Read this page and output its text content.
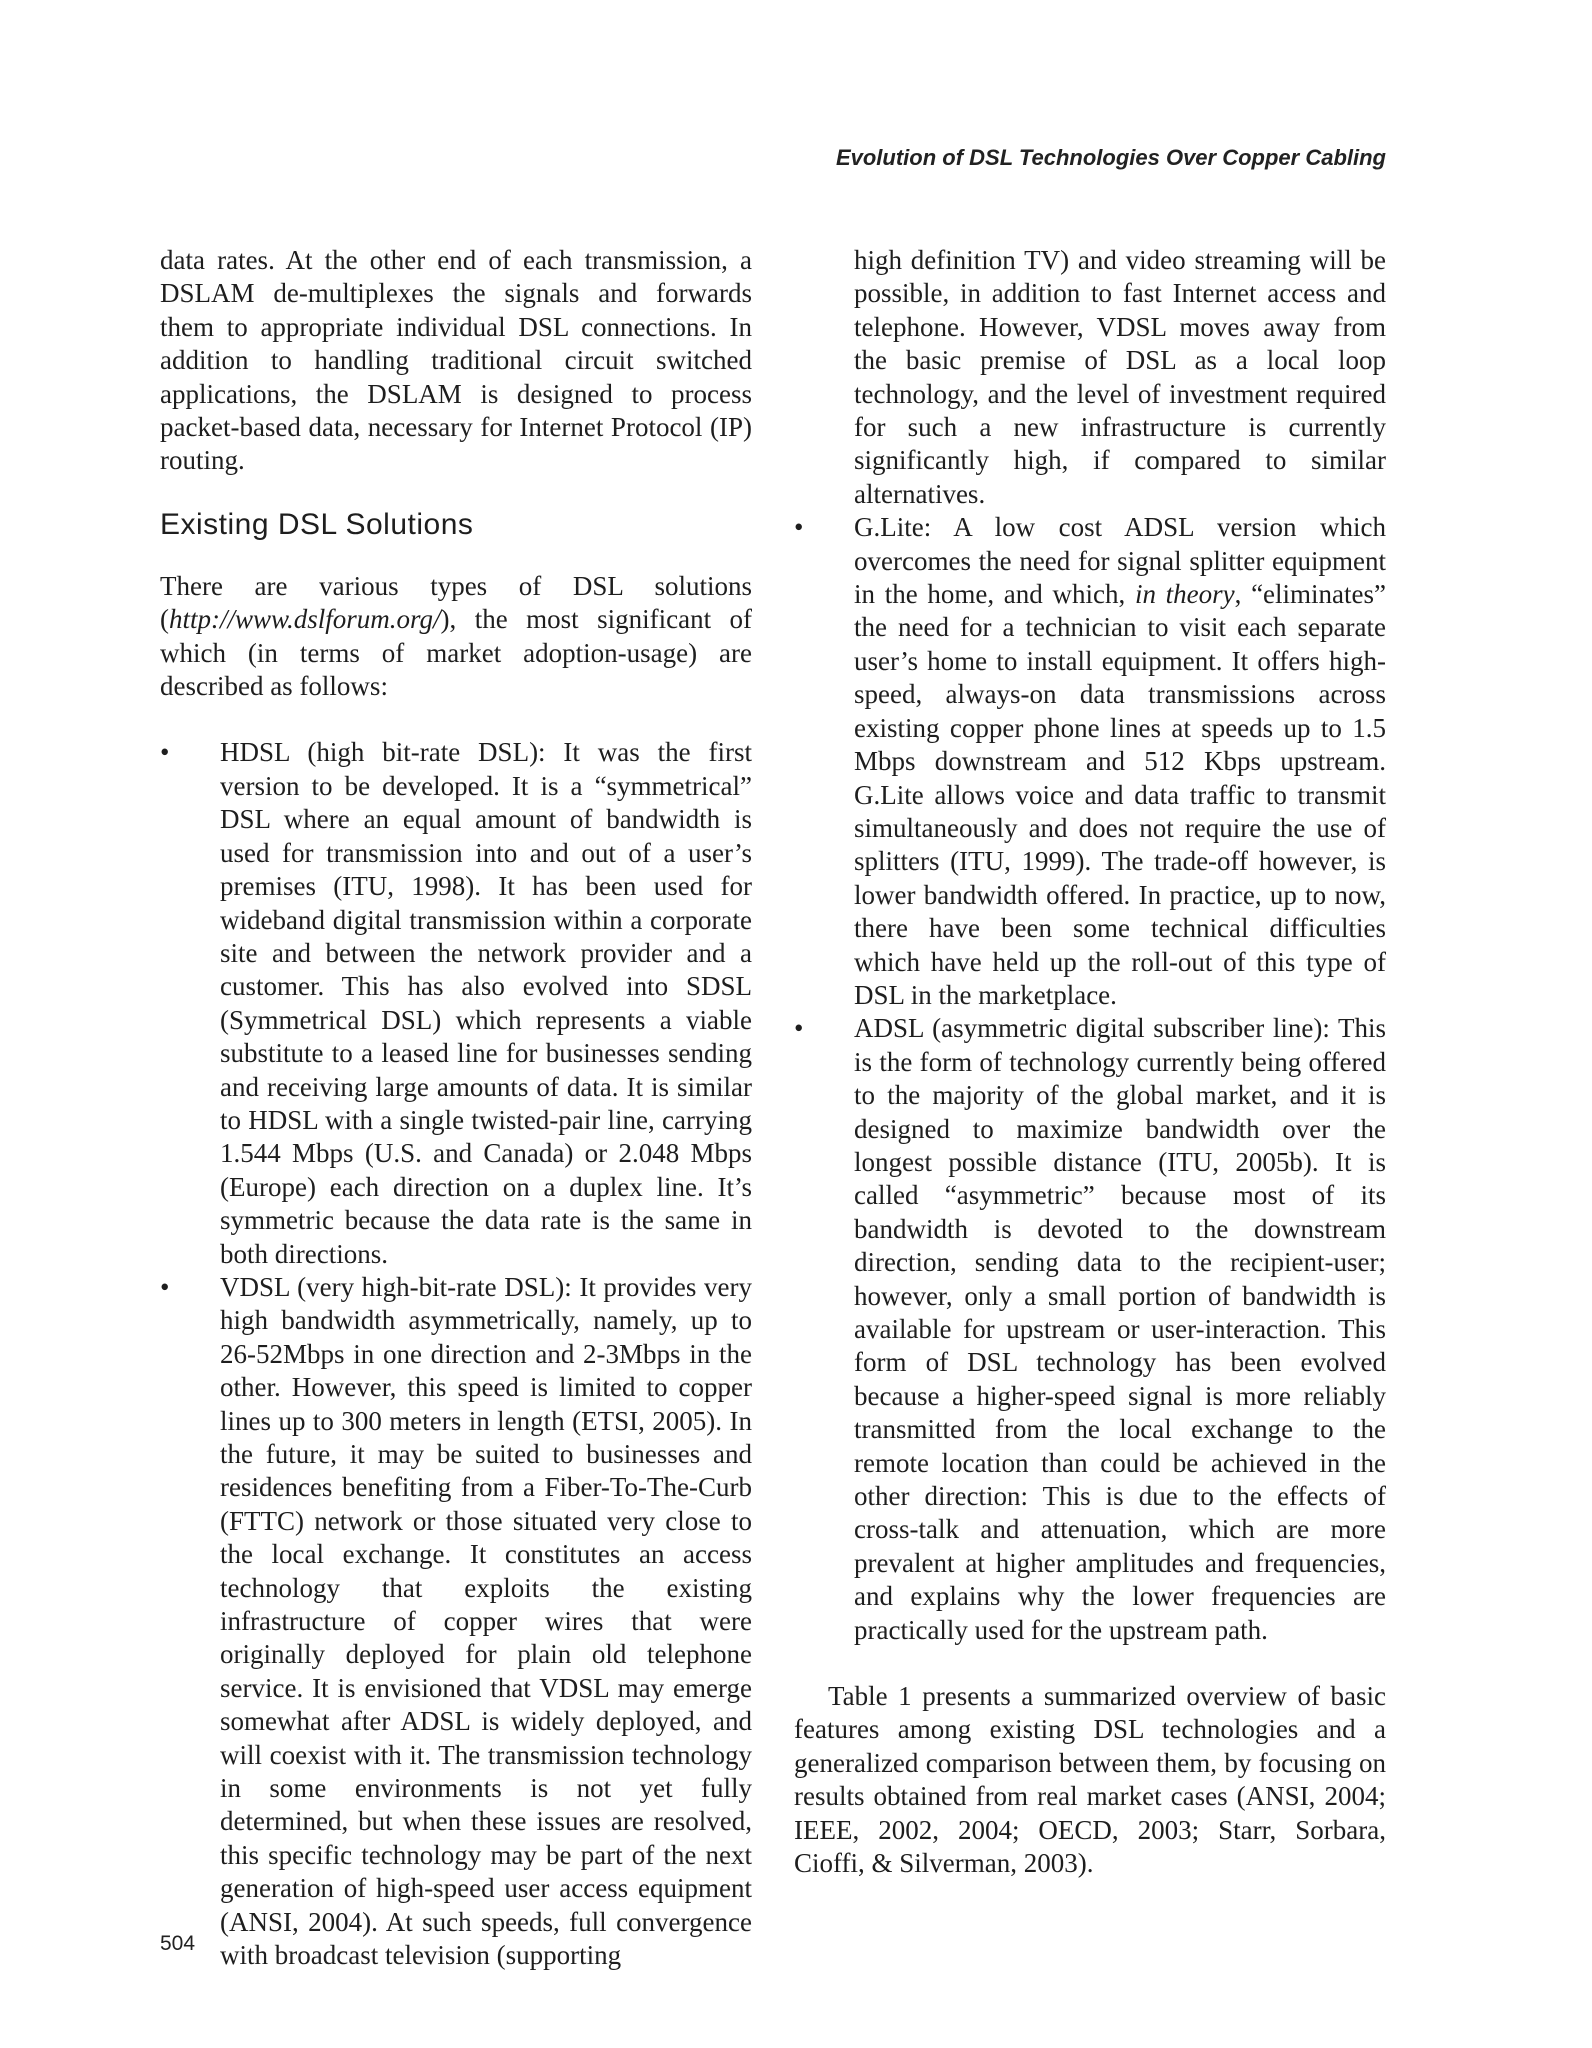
Evolution of DSL Technologies Over Copper Cabling

data rates. At the other end of each transmission, a DSLAM de-multiplexes the signals and forwards them to appropriate individual DSL connections. In addition to handling traditional circuit switched applications, the DSLAM is designed to process packet-based data, necessary for Internet Protocol (IP) routing.

Existing DSL Solutions

There are various types of DSL solutions (http://www.dslforum.org/), the most significant of which (in terms of market adoption-usage) are described as follows:

• HDSL (high bit-rate DSL): It was the first version to be developed. It is a “symmetrical” DSL where an equal amount of bandwidth is used for transmission into and out of a user’s premises (ITU, 1998). It has been used for wideband digital transmission within a corporate site and between the network provider and a customer. This has also evolved into SDSL (Symmetrical DSL) which represents a viable substitute to a leased line for businesses sending and receiving large amounts of data. It is similar to HDSL with a single twisted-pair line, carrying 1.544 Mbps (U.S. and Canada) or 2.048 Mbps (Europe) each direction on a duplex line. It’s symmetric because the data rate is the same in both directions.
• VDSL (very high-bit-rate DSL): It provides very high bandwidth asymmetrically, namely, up to 26-52Mbps in one direction and 2-3Mbps in the other. However, this speed is limited to copper lines up to 300 meters in length (ETSI, 2005). In the future, it may be suited to businesses and residences benefiting from a Fiber-To-The-Curb (FTTC) network or those situated very close to the local exchange. It constitutes an access technology that exploits the existing infrastructure of copper wires that were originally deployed for plain old telephone service. It is envisioned that VDSL may emerge somewhat after ADSL is widely deployed, and will coexist with it. The transmission technology in some environments is not yet fully determined, but when these issues are resolved, this specific technology may be part of the next generation of high-speed user access equipment (ANSI, 2004). At such speeds, full convergence with broadcast television (supporting
high definition TV) and video streaming will be possible, in addition to fast Internet access and telephone. However, VDSL moves away from the basic premise of DSL as a local loop technology, and the level of investment required for such a new infrastructure is currently significantly high, if compared to similar alternatives.
• G.Lite: A low cost ADSL version which overcomes the need for signal splitter equipment in the home, and which, in theory, “eliminates” the need for a technician to visit each separate user’s home to install equipment. It offers high-speed, always-on data transmissions across existing copper phone lines at speeds up to 1.5 Mbps downstream and 512 Kbps upstream. G.Lite allows voice and data traffic to transmit simultaneously and does not require the use of splitters (ITU, 1999). The trade-off however, is lower bandwidth offered. In practice, up to now, there have been some technical difficulties which have held up the roll-out of this type of DSL in the marketplace.
• ADSL (asymmetric digital subscriber line): This is the form of technology currently being offered to the majority of the global market, and it is designed to maximize bandwidth over the longest possible distance (ITU, 2005b). It is called “asymmetric” because most of its bandwidth is devoted to the downstream direction, sending data to the recipient-user; however, only a small portion of bandwidth is available for upstream or user-interaction. This form of DSL technology has been evolved because a higher-speed signal is more reliably transmitted from the local exchange to the remote location than could be achieved in the other direction: This is due to the effects of cross-talk and attenuation, which are more prevalent at higher amplitudes and frequencies, and explains why the lower frequencies are practically used for the upstream path.

Table 1 presents a summarized overview of basic features among existing DSL technologies and a generalized comparison between them, by focusing on results obtained from real market cases (ANSI, 2004; IEEE, 2002, 2004; OECD, 2003; Starr, Sorbara, Cioffi, & Silverman, 2003).

504
